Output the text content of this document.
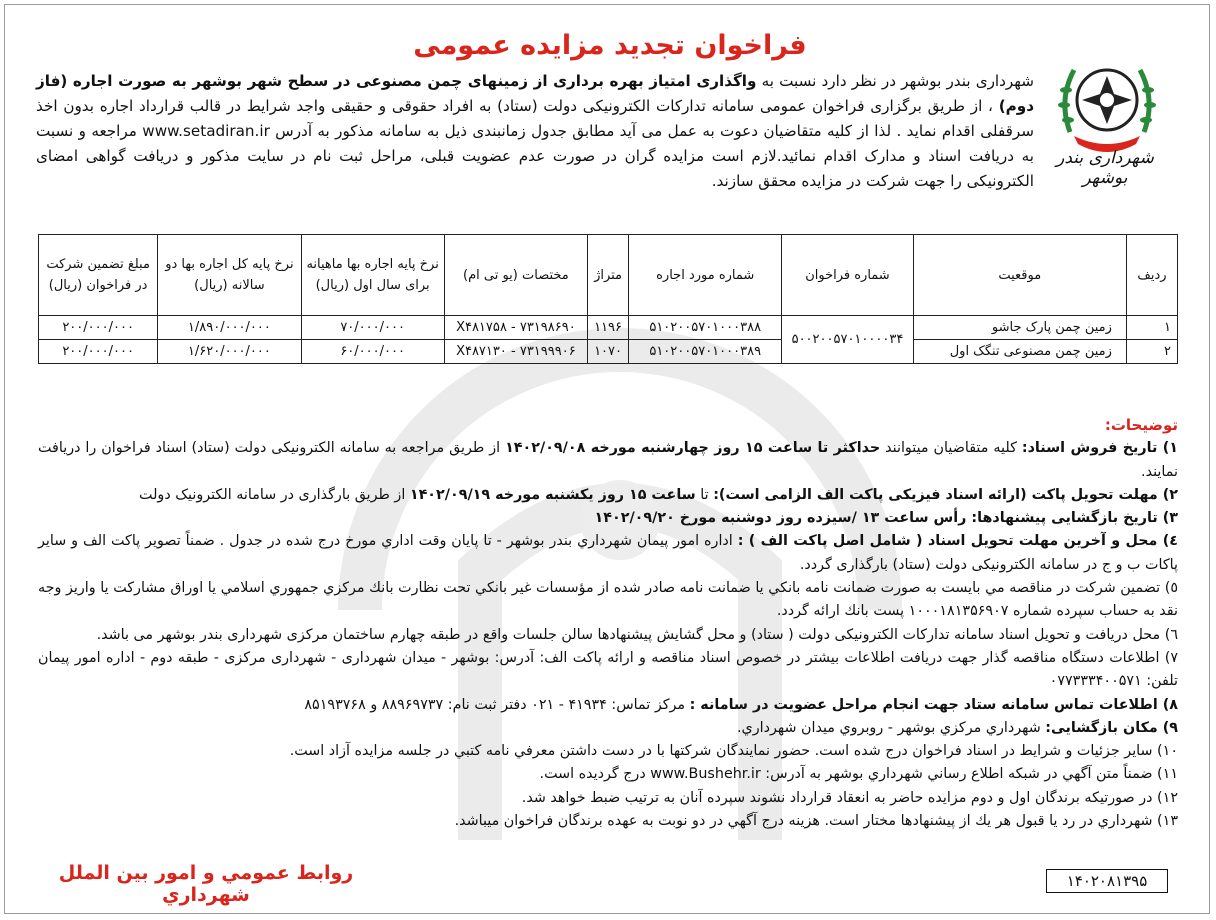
شهرداری بندر بوشهر
فراخوان تجدید مزایده عمومی
شهرداری بندر بوشهر در نظر دارد نسبت به واگذاری امتیاز بهره برداری از زمینهای چمن مصنوعی در سطح شهر بوشهر به صورت اجاره (فاز دوم) ، از طریق برگزاری فراخوان عمومی سامانه تدارکات الکترونیکی دولت (ستاد) به افراد حقوقی و حقیقی واجد شرایط در قالب قرارداد اجاره بدون اخذ سرقفلی اقدام نماید . لذا از کلیه متقاضیان دعوت به عمل می آید مطابق جدول زمانبندی ذیل به سامانه مذکور به آدرس www.setadiran.ir مراجعه و نسبت به دریافت اسناد و مدارک اقدام نمائید.لازم است مزایده گران در صورت عدم عضویت قبلی، مراحل ثبت نام در سایت مذکور و دریافت گواهی امضای الکترونیکی را جهت شرکت در مزایده محقق سازند.
ردیف	موقعیت	شماره فراخوان	شماره مورد اجاره	متراژ	مختصات (یو تی ام)	نرخ پایه اجاره بها ماهیانه برای سال اول (ریال)	نرخ پایه کل اجاره بها دو سالانه (ریال)	مبلغ تضمین شرکت در فراخوان (ریال)
۱	زمین چمن پارک جاشو	۵۰۰۲۰۰۵۷۰۱۰۰۰۰۳۴	۵۱۰۲۰۰۵۷۰۱۰۰۰۳۸۸	۱۱۹۶	۷۳۱۹۸۶۹۰ - X۴۸۱۷۵۸	۷۰/۰۰۰/۰۰۰	۱/۸۹۰/۰۰۰/۰۰۰	۲۰۰/۰۰۰/۰۰۰
۲	زمین چمن مصنوعی تنگک اول		۵۱۰۲۰۰۵۷۰۱۰۰۰۳۸۹	۱۰۷۰	۷۳۱۹۹۹۰۶ - X۴۸۷۱۳۰	۶۰/۰۰۰/۰۰۰	۱/۶۲۰/۰۰۰/۰۰۰	۲۰۰/۰۰۰/۰۰۰
توضیحات:
۱) تاریخ فروش اسناد: کلیه متقاضیان میتوانند حداکثر تا ساعت ۱۵ روز چهارشنبه مورخه ۱۴۰۲/۰۹/۰۸ از طریق مراجعه به سامانه الکترونیکی دولت (ستاد) اسناد فراخوان را دریافت نمایند.
۲) مهلت تحویل پاکت (ارائه اسناد فیزیکی پاکت الف الزامی است): تا ساعت ۱۵ روز یکشنبه مورخه ۱۴۰۲/۰۹/۱۹ از طریق بارگذاری در سامانه الکترونیک دولت
۳) تاریخ بازگشایی پیشنهادها: رأس ساعت ۱۳ /سیزده روز دوشنبه مورخ ۱۴۰۲/۰۹/۲۰
٤) محل و آخرین مهلت تحویل اسناد ( شامل اصل پاکت الف ) : اداره امور پیمان شهرداري بندر بوشهر - تا پایان وقت اداري مورخ درج شده در جدول . ضمناً تصویر پاکت الف و سایر پاکات ب و ج در سامانه الکترونیکی دولت (ستاد) بارگذاری گردد.
٥) تضمین شرکت در مناقصه مي بایست به صورت ضمانت نامه بانکي یا ضمانت نامه صادر شده از مؤسسات غیر بانکي تحت نظارت بانك مرکزي جمهوري اسلامي یا اوراق مشارکت یا واریز وجه نقد به حساب سپرده شماره ۱۰۰۰۱۸۱۳۵۶۹۰۷ پست بانك ارائه گردد.
٦) محل دریافت و تحویل اسناد سامانه تدارکات الکترونیکی دولت ( ستاد) و محل گشایش پیشنهادها سالن جلسات واقع در طبقه چهارم ساختمان مرکزی شهرداری بندر بوشهر می باشد.
۷) اطلاعات دستگاه مناقصه گذار جهت دریافت اطلاعات بیشتر در خصوص اسناد مناقصه و ارائه پاکت الف: آدرس: بوشهر - میدان شهرداری - شهرداری مرکزی - طبقه دوم - اداره امور پیمان تلفن: ۰۷۷۳۳۳۴۰۰۵۷۱
۸) اطلاعات تماس سامانه ستاد جهت انجام مراحل عضویت در سامانه : مرکز تماس: ۴۱۹۳۴ - ۰۲۱ دفتر ثبت نام: ۸۸۹۶۹۷۳۷ و ۸۵۱۹۳۷۶۸
۹) مکان بازگشایی: شهرداري مرکزي بوشهر - روبروي میدان شهرداري.
۱۰) سایر جزئیات و شرایط در اسناد فراخوان درج شده است. حضور نمایندگان شرکتها با در دست داشتن معرفي نامه کتبي در جلسه مزایده آزاد است.
۱۱) ضمناً متن آگهي در شبکه اطلاع رساني شهرداري بوشهر به آدرس: www.Bushehr.ir درج گردیده است.
۱۲) در صورتیکه برندگان اول و دوم مزایده حاضر به انعقاد قرارداد نشوند سپرده آنان به ترتیب ضبط خواهد شد.
۱۳) شهرداري در رد یا قبول هر یك از پیشنهادها مختار است. هزینه درج آگهي در دو نوبت به عهده برندگان فراخوان میباشد.
روابط عمومي و امور بین الملل شهرداري
۱۴۰۲۰۸۱۳۹۵
